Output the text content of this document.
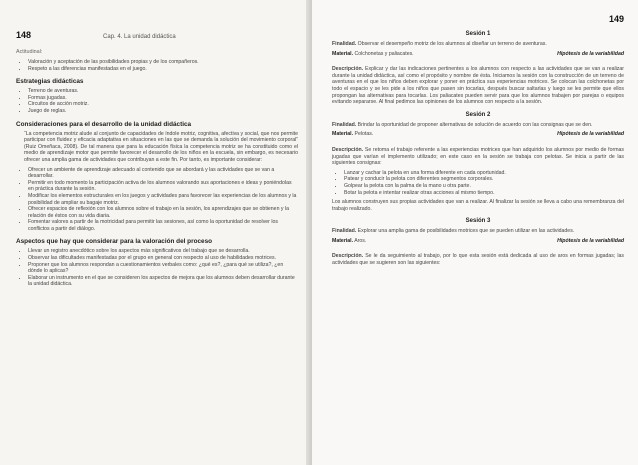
148	Cap. 4. La unidad didáctica
Actitudinal:
• Valoración y aceptación de las posibilidades propias y de los compañeros.
• Respeto a las diferencias manifestadas en el juego.
Estrategias didácticas
• Terreno de aventuras.
• Formas jugadas.
• Circuitos de acción motriz.
• Juego de reglas.
Consideraciones para el desarrollo de la unidad didáctica

“La competencia motriz alude al conjunto de capacidades de índole motriz, cognitiva, afectiva y social, que nos permite participar con fluidez y eficacia adaptativa en situaciones en las que se demanda la solución del movimiento corporal” (Ruiz Omeñaca, 2008). De tal manera que para la educación física la competencia motriz se ha constituido como el medio de aprendizaje motor que permite favorecer el desarrollo de los niños en la escuela, sin embargo, es necesario ofrecer una amplia gama de actividades que contribuyan a este fin. Por tanto, es importante considerar:

• Ofrecer un ambiente de aprendizaje adecuado al contenido que se abordará y las actividades que se van a desarrollar.
• Permitir en todo momento la participación activa de los alumnos valorando sus aportaciones e ideas y poniéndolas en práctica durante la sesión.
• Modificar los elementos estructurales en los juegos y actividades para favorecer las experiencias de los alumnos y la posibilidad de ampliar su bagaje motriz.
• Ofrecer espacios de reflexión con los alumnos sobre el trabajo en la sesión, los aprendizajes que se obtienen y la relación de éstos con su vida diaria.
• Fomentar valores a partir de la motricidad para permitir las sesiones, así como la oportunidad de resolver los conflictos a partir del diálogo.
Aspectos que hay que considerar para la valoración del proceso
• Llevar un registro anecdótico sobre los aspectos más significativos del trabajo que se desarrolla.
• Observar las dificultades manifestadas por el grupo en general con respecto al uso de habilidades motrices.
• Proponer que los alumnos respondan a cuestionamientos verbales como: ¿qué es?, ¿para qué se utiliza?, ¿en dónde lo aplicas?
• Elaborar un instrumento en el que se consideren los aspectos de mejora que los alumnos deben desarrollar durante la unidad didáctica.
149
Sesión 1

Finalidad. Observar el desempeño motriz de los alumnos al diseñar un terreno de aventuras.

Material. Colchonetas y paliacates.	Hipótesis de la variabilidad

Descripción. Explicar y dar las indicaciones pertinentes a los alumnos con respecto a las actividades que se van a realizar durante la unidad didáctica, así como el propósito y nombre de ésta. Iniciamos la sesión con la construcción de un terreno de aventuras en el que los niños deben explorar y poner en práctica sus experiencias motrices. Se colocan las colchonetas por todo el espacio y se les pide a los niños que pasen sin tocarlas, después buscar saltarlas y luego se les permite que ellos propongan las alternativas para tocarlas. Los paliacates pueden servir para que los alumnos trabajen por parejas o equipos evitando separarse. Al final pedimos las opiniones de los alumnos con respecto a la sesión.

Sesión 2

Finalidad. Brindar la oportunidad de proponer alternativas de solución de acuerdo con las consignas que se den.

Material. Pelotas.	Hipótesis de la variabilidad

Descripción. Se retoma el trabajo referente a las experiencias motrices que han adquirido los alumnos por medio de formas jugadas que varían el implemento utilizado; en este caso en la sesión se trabaja con pelotas. Se inicia a partir de las siguientes consignas:

• Lanzar y cachar la pelota en una forma diferente en cada oportunidad.
• Patear y conducir la pelota con diferentes segmentos corporales.
• Golpear la pelota con la palma de la mano u otra parte.
• Botar la pelota e intentar realizar otras acciones al mismo tiempo.

Los alumnos construyen sus propias actividades que van a realizar. Al finalizar la sesión se lleva a cabo una remembranza del trabajo realizado.

Sesión 3

Finalidad. Explorar una amplia gama de posibilidades motrices que se pueden utilizar en las actividades.

Material. Aros.	Hipótesis de la variabilidad

Descripción. Se le da seguimiento al trabajo, por lo que esta sesión está dedicada al uso de aros en formas jugadas; las actividades que se sugieren son las siguientes:
